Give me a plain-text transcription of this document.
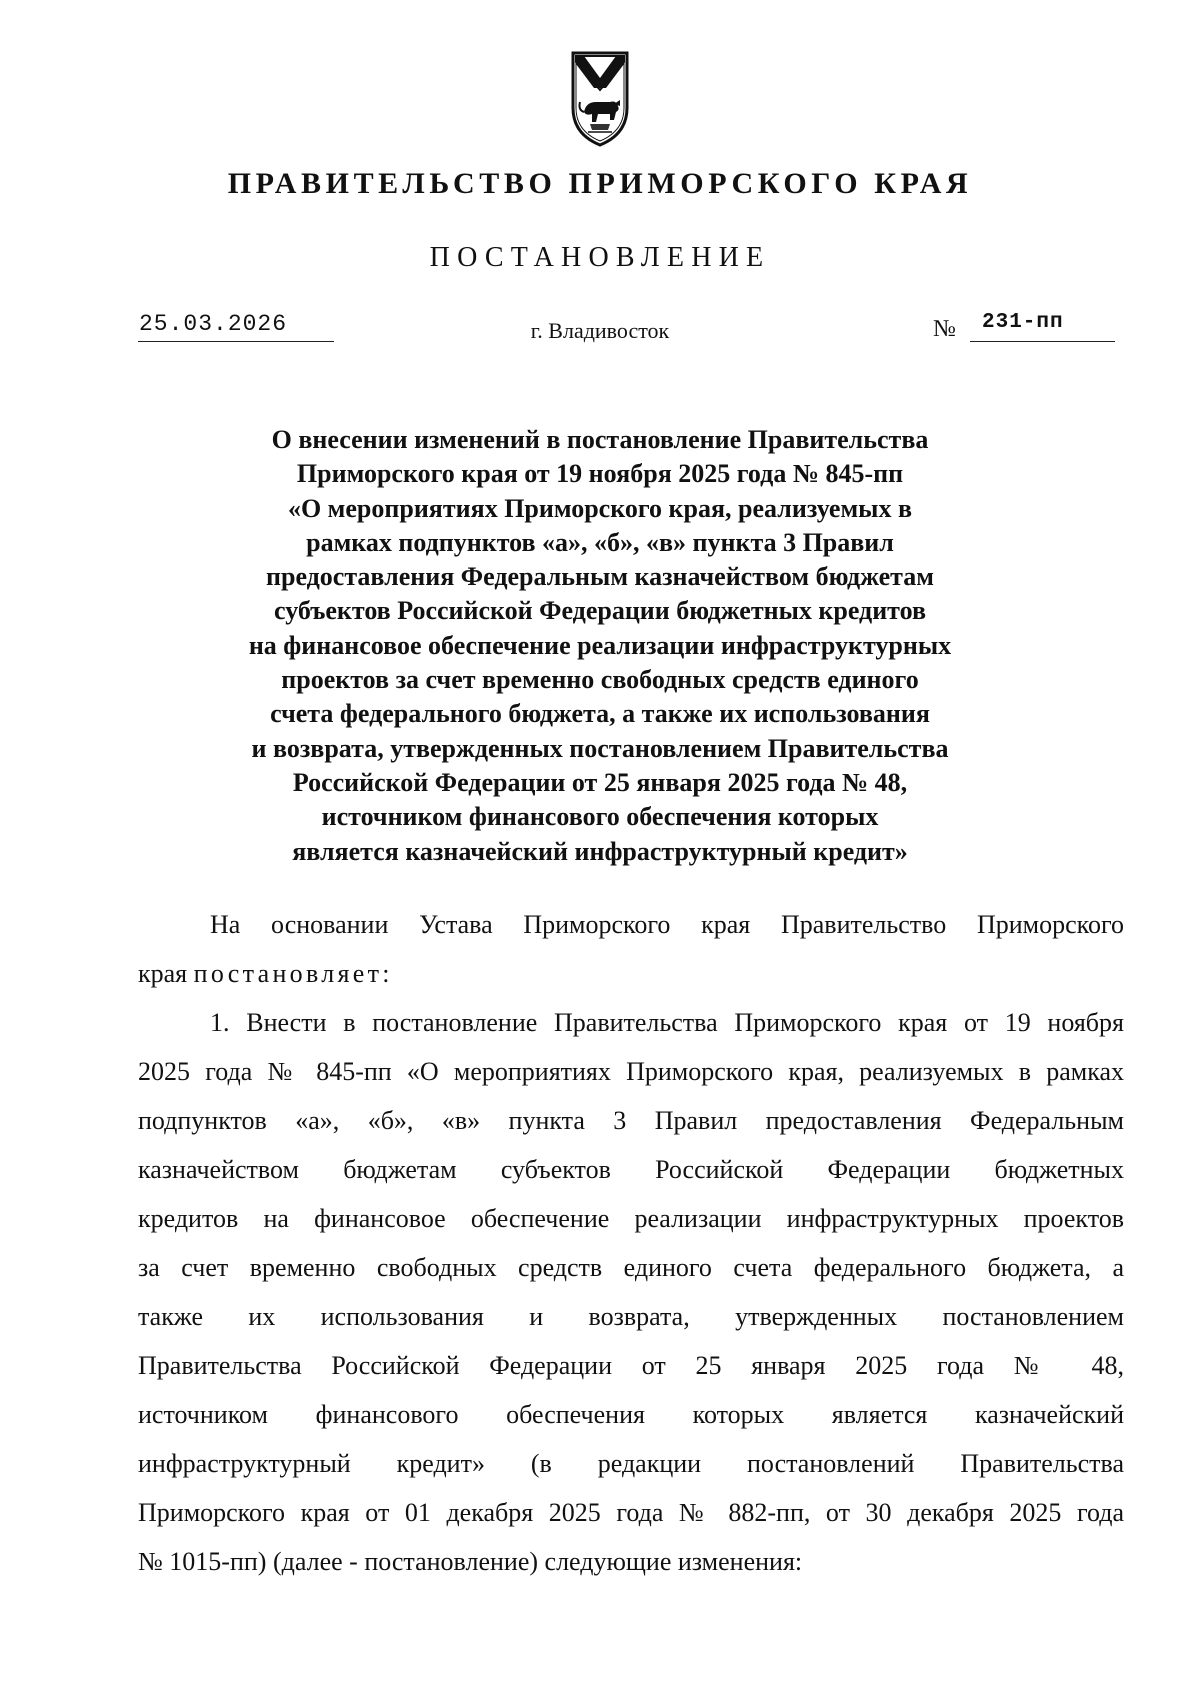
ПРАВИТЕЛЬСТВО ПРИМОРСКОГО КРАЯ
ПОСТАНОВЛЕНИЕ
25.03.2026	г. Владивосток	№ 231-пп
О внесении изменений в постановление Правительства
Приморского края от 19 ноября 2025 года № 845-пп
«О мероприятиях Приморского края, реализуемых в
рамках подпунктов «а», «б», «в» пункта 3 Правил
предоставления Федеральным казначейством бюджетам
субъектов Российской Федерации бюджетных кредитов
на финансовое обеспечение реализации инфраструктурных
проектов за счет временно свободных средств единого
счета федерального бюджета, а также их использования
и возврата, утвержденных постановлением Правительства
Российской Федерации от 25 января 2025 года № 48,
источником финансового обеспечения которых
является казначейский инфраструктурный кредит»
На основании Устава Приморского края Правительство Приморского
края постановляет:
1. Внести в постановление Правительства Приморского края от 19 ноября
2025 года № 845-пп «О мероприятиях Приморского края, реализуемых в рамках
подпунктов «а», «б», «в» пункта 3 Правил предоставления Федеральным
казначейством бюджетам субъектов Российской Федерации бюджетных
кредитов на финансовое обеспечение реализации инфраструктурных проектов
за счет временно свободных средств единого счета федерального бюджета, а
также их использования и возврата, утвержденных постановлением
Правительства Российской Федерации от 25 января 2025 года № 48,
источником финансового обеспечения которых является казначейский
инфраструктурный кредит» (в редакции постановлений Правительства
Приморского края от 01 декабря 2025 года № 882-пп, от 30 декабря 2025 года
№ 1015-пп) (далее - постановление) следующие изменения:
